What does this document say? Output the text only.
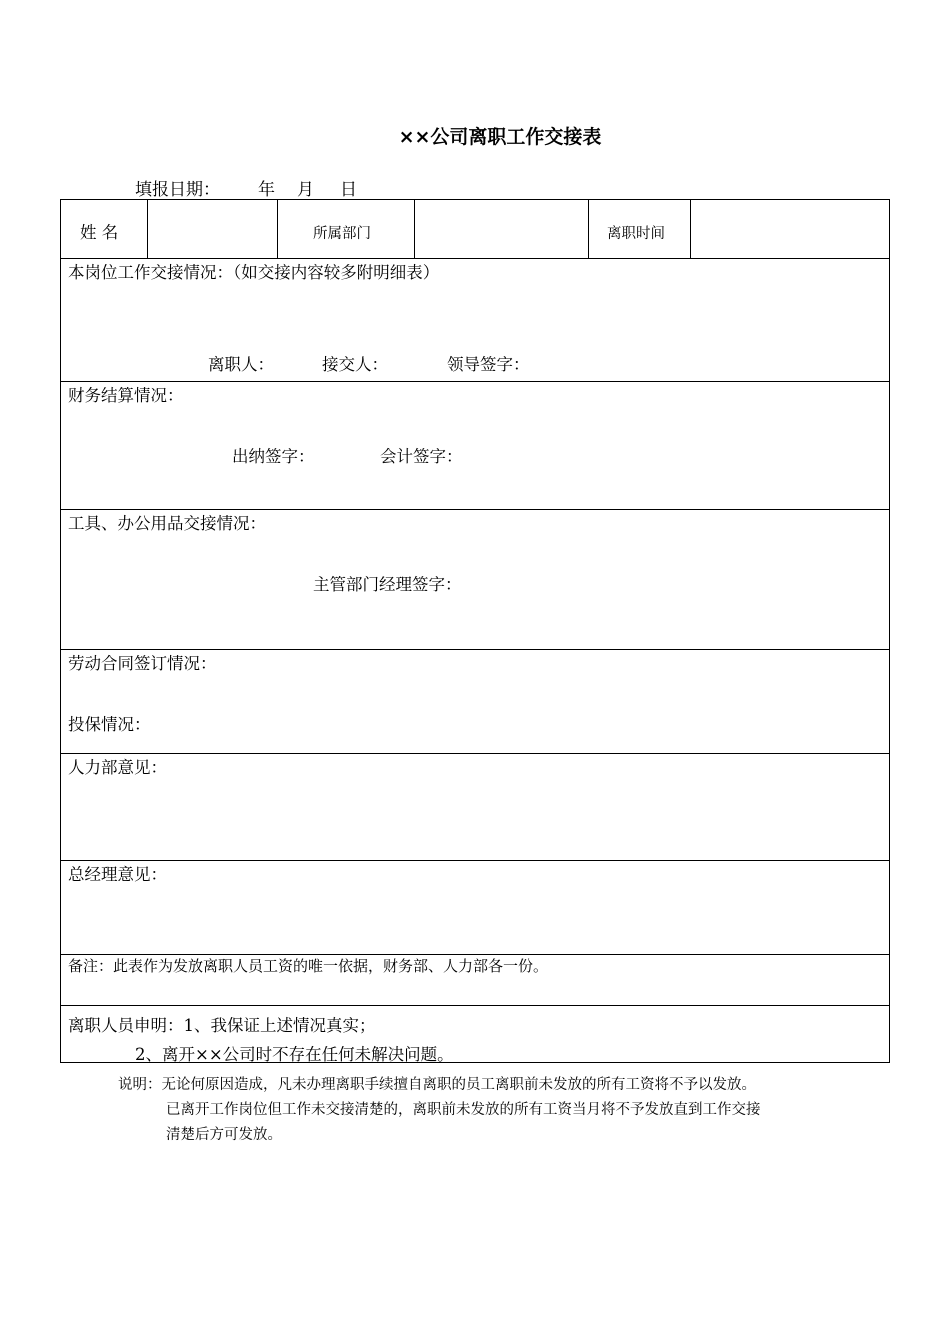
××公司离职工作交接表
填报日期： 年 月 日
姓 名	所属部门	离职时间
本岗位工作交接情况：（如交接内容较多附明细表）
离职人：	接交人：	领导签字：
财务结算情况：
出纳签字：	会计签字：
工具、办公用品交接情况：
主管部门经理签字：
劳动合同签订情况：
投保情况：
人力部意见：
总经理意见：
备注：此表作为发放离职人员工资的唯一依据，财务部、人力部各一份。
离职人员申明：1、我保证上述情况真实；
2、离开××公司时不存在任何未解决问题。
说明：无论何原因造成，凡未办理离职手续擅自离职的员工离职前未发放的所有工资将不予以发放。
已离开工作岗位但工作未交接清楚的，离职前未发放的所有工资当月将不予发放直到工作交接
清楚后方可发放。
